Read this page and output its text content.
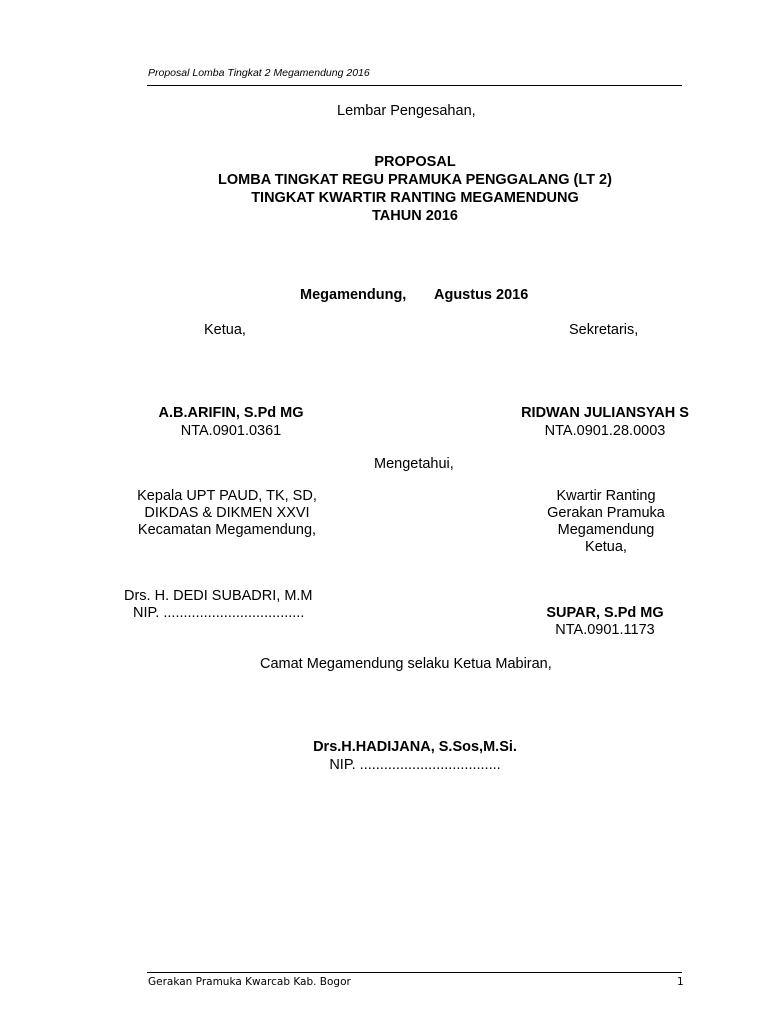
Proposal Lomba Tingkat 2 Megamendung 2016
Lembar Pengesahan,
PROPOSAL
LOMBA TINGKAT REGU PRAMUKA PENGGALANG (LT 2)
TINGKAT KWARTIR RANTING MEGAMENDUNG
TAHUN 2016
Megamendung, Agustus 2016
Ketua,	Sekretaris,
A.B.ARIFIN, S.Pd MG
NTA.0901.0361
RIDWAN JULIANSYAH S
NTA.0901.28.0003
Mengetahui,
Kepala UPT PAUD, TK, SD,
DIKDAS & DIKMEN XXVI
Kecamatan Megamendung,
Kwartir Ranting
Gerakan Pramuka
Megamendung
Ketua,
Drs. H. DEDI SUBADRI, M.M
NIP. ...................................	SUPAR, S.Pd MG
NTA.0901.1173
Camat Megamendung selaku Ketua Mabiran,
Drs.H.HADIJANA, S.Sos,M.Si.
NIP. ...................................
Gerakan Pramuka Kwarcab Kab. Bogor	1
